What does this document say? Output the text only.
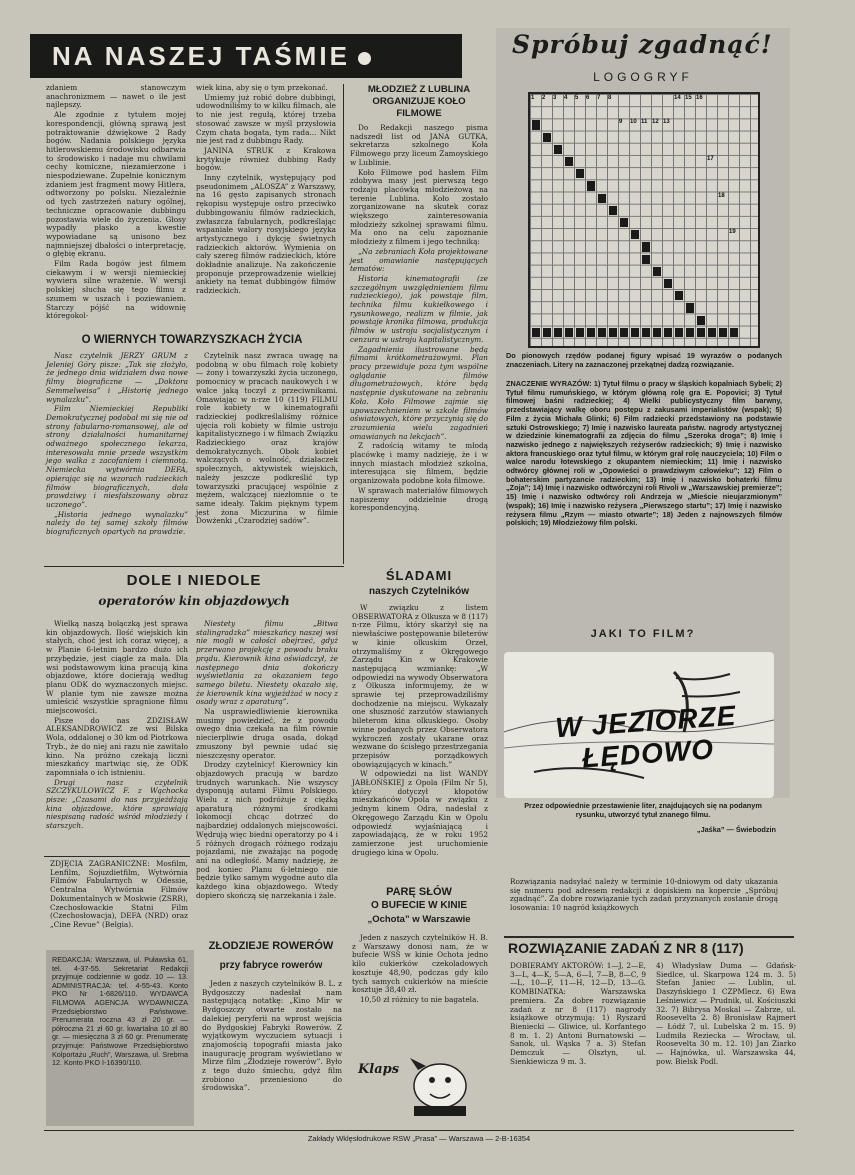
NA NASZEJ TAŚMIE

zdaniem stanowczym anachronizmem — nawet o ile jest najlepszy.

Ale zgodnie z tytułem mojej korespondencji, główną sprawą jest potraktowanie dźwiękowe 2 Rady bogów. Nadania polskiego języka hitlerowskiemu środowisku odbarwia to środowisko i nadaje mu chwilami cechy komiczne, niezamierzone i niespodziewane. Zupełnie konicznym zdaniem jest fragment mowy Hitlera, odtworzony po polsku. Niezależnie od tych zastrzeżeń natury ogólnej, techniczne opracowanie dubbingu pozostawia wiele do życzenia. Głosy wypadły płasko a kwestie wypowiadane są unisono bez najmniejszej dbałości o interpretację, o głębię ekranu.

Film Rada bogów jest filmem ciekawym i w wersji niemieckiej wywiera silne wrażenie. W wersji polskiej słucha się tego filmu z szumem w uszach i poziewaniem. Starczy pójść na widownię któregokol-

wiek kina, aby się o tym przekonać.

Umiemy już robić dobre dubbingi, udowodniliśmy to w kilku filmach, ale to nie jest regułą, której trzeba stosować zawsze w myśl przysłowia Czym chata bogata, tym rada... Nikt nie jest rad z dubbingu Rady.

JANINA STRUK z Krakowa krytykuje również dubbing Rady bogów.

Inny czytelnik, występujący pod pseudonimem „ALOSZA” z Warszawy, na 16 gęsto zapisanych stronach rękopisu występuje ostro przeciwko dubbingowaniu filmów radzieckich, zwłaszcza fabularnych, podkreślając wspaniałe walory rosyjskiego języka artystycznego i dykcję świetnych radzieckich aktorów. Wymienia on cały szereg filmów radzieckich, które dokładnie analizuje. Na zakończenie proponuje przeprowadzenie wielkiej ankiety na temat dubbingów filmów radzieckich.

MŁODZIEŻ Z LUBLINA ORGANIZUJE KOŁO FILMOWE

Do Redakcji naszego pisma nadszedł list od JANA GUTKA, sekretarza szkolnego Koła Filmowego przy liceum Zamoyskiego w Lublinie.

Koło Filmowe pod hasłem Film zdobywa masy jest pierwszą tego rodzaju placówką młodzieżową na terenie Lublina. Koło zostało zorganizowane na skutek coraz większego zainteresowania młodzieży szkolnej sprawami filmu. Ma ono na celu zapoznanie młodzieży z filmem i jego techniką:

„Na zebraniach Koła projektowane jest omawianie następujących tematów:

Historia kinematografii (ze szczególnym uwzględnieniem filmu radzieckiego), jak powstaje film, technika filmu kukiełkowego i rysunkowego, realizm w filmie, jak powstaje kronika filmowa, produkcja filmów w ustroju socjalistycznym i cenzura w ustroju kapitalistycznym.

Zagadnienia ilustrowane będą filmami krótkometrażowymi. Plan pracy przewiduje poza tym wspólne oglądanie filmów długometrażowych, które będą następnie dyskutowane na zebraniu Koła. Koło Filmowe zajmie się upowszechnieniem w szkole filmów oświatowych, które przyczynią się do zrozumienia wielu zagadnień omawianych na lekcjach”.

Z radością witamy te młodą placówkę i mamy nadzieję, że i w innych miastach młodzież szkolna, interesująca się filmem, będzie organizowała podobne koła filmowe.

W sprawach materiałów filmowych napiszemy oddzielnie drogą korespondencyjną.

O WIERNYCH TOWARZYSZKACH ŻYCIA

Nasz czytelnik JERZY GRUM z Jeleniej Góry pisze: „Tak się złożyło, że jednego dnia widziałem dwa nowe filmy biograficzne — „Doktora Semmelweisa” i „Historię jednego wynalazku”.

Film Niemieckiej Republiki Demokratycznej podobał mi się nie od strony fabularno-romansowej, ale od strony działalności humanitarnej odważnego społecznego lekarza, interesowała mnie przede wszystkim jego walka z zacofaniem i ciemnotą. Niemiecka wytwórnia DEFA, opierając się na wzorach radzieckich filmów biograficznych, dała prawdziwy i niesfałszowany obraz uczonego”.

„Historia jednego wynalazku” należy do tej samej szkoły filmów biograficznych opartych na prawdzie.

Czytelnik nasz zwraca uwagę na podobną w obu filmach rolę kobiety — żony i towarzyszki życia uczonego, pomocnicy w pracach naukowych i w walce jaką toczył z przeciwnikami. Omawiając w n-rze 10 (119) FILMU role kobiety w kinematografii radzieckiej podkreślaliśmy różnice ujęcia roli kobiety w filmie ustroju kapitalistycznego i w filmach Związku Radzieckiego oraz krajów demokratycznych. Obok kobiet walczących o wolność, działaczek społecznych, aktywistek wiejskich, należy jeszcze podkreślić typ towarzyszki pracującej wspólnie z mężem, walczącej niezłomnie o te same ideały. Takim pięknym typem jest żona Miczurina w filmie Dowżenki „Czarodziej sadów”.

DOLE I NIEDOLE
operatorów kin objazdowych

Wielką naszą bolączką jest sprawa kin objazdowych. Ilość wiejskich kin stałych, choć jest ich coraz więcej, a w Planie 6-letnim bardzo dużo ich przybędzie, jest ciągle za mała. Dla wsi podstawowym kina pracują kina objazdowe, które docierają według planu ODK do wyznaczonych miejsc. W planie tym nie zawsze można umieścić wszystkie spragnione filmu miejscowości.

Pisze do nas ZDZISŁAW ALEKSANDROWICZ ze wsi Bilska Wola, oddalonej o 30 km od Piotrkowa Tryb., że do niej ani razu nie zawitało kino. Na próżno czekają liczni mieszkańcy martwiąc się, że ODK zapomniała o ich istnieniu.

Drugi nasz czytelnik SZCZYKULOWICZ F. z Wąchocka pisze: „Czasami do nas przyjeżdżają kina objazdowe, które sprawiają niespisaną radość wśród młodzieży i starszych.

Niestety filmu „Bitwa stalingradzka” mieszkańcy naszej wsi nie mogli w całości obejrzeć, gdyż przerwano projekcję z powodu braku prądu. Kierownik kina oświadczył, że następnego dnia dokończy wyświetlania za okazaniem tego samego biletu. Niestety okazało się, że kierownik kina wyjeżdżać w nocy z osady wraz z aparaturą”.

Na usprawiedliwienie kierownika musimy powiedzieć, że z powodu owego dnia czekała na film równie niecierpliwie druga osada, dokąd zmuszony był pewnie udać się nieszczęsny operator.

Drodzy czytelnicy! Kierownicy kin objazdowych pracują w bardzo trudnych warunkach. Nie wszyscy dysponują autami Filmu Polskiego. Wielu z nich podróżuje z ciężką aparaturą różnymi środkami lokomocji chcąc dotrzeć do najbardziej oddalonych miejscowości. Wędrują więc biedni operatorzy po 4 i 5 różnych drogach różnego rodzaju pojazdami, nie zważając na pogodę ani na odległość. Mamy nadzieję, że pod koniec Planu 6-letniego nie będzie tylko samym wygodne auto dla każdego kina objazdowego. Wtedy dopiero skończą się narzekania i żale.

ZDJĘCIA ZAGRANICZNE: Mosfilm, Lenfilm, Sojuzdietfilm, Wytwórnia Filmów Fabularnych w Odessie, Centralna Wytwórnia Filmów Dokumentalnych w Moskwie (ZSRR), Czechosłowackie Statni Film (Czechosłowacja), DEFA (NRD) oraz „Cine Revue” (Belgia).
REDAKCJA: Warszawa, ul. Puławska 61, tel. 4-37-55. Sekretariat Redakcji przyjmuje codziennie w godz. 10 — 13. ADMINISTRACJA: tel. 4-55-43. Konto PKO Nr 1-6826/110. WYDAWCA FILMOWA AGENCJA WYDAWNICZA Przedsiębiorstwo Państwowe. Prenumerata roczna 43 zł 20 gr. — półroczna 21 zł 60 gr. kwartalna 10 zł 80 gr. — miesięczna 3 zł 60 gr. Prenumeratę przyjmuje: Państwowe Przedsiębiorstwo Kolportażu „Ruch”, Warszawa, ul. Srebrna 12. Konto PKO I-16390/110.
ZŁODZIEJE ROWERÓW
przy fabryce rowerów

Jeden z naszych czytelników B. L. z Bydgoszczy nadesłał nam następującą notatkę: „Kino Mir w Bydgoszczy otwarte zostało na dalekiej peryferii na wprost wejścia do Bydgoskiej Fabryki Rowerów. Z wyjątkowym wyczuciem sytuacji i znajomością topografii miasta jako inaugurację program wyświetlano w Mirze film „Złodzieje rowerów”. Było z tego dużo śmiechu, gdyż film zrobiono przeniesiono do środowiska”.

ŚLADAMI
naszych Czytelników

W związku z listem OBSERWATORA z Olkusza w 8 (117) n-rze Filmu, który skarżył się na niewłaściwe postępowanie bileterów w kinie olkuskim Orzeł, otrzymaliśmy z Okręgowego Zarządu Kin w Krakowie następującą wzmiankę: „W odpowiedzi na wywody Obserwatora z Olkusza informujemy, że w sprawie tej przeprowadziliśmy dochodzenie na miejscu. Wykazały one słuszność zarzutów stawianych bileterom kina olkuskiego. Osoby winne podanych przez Obserwatora wykroczeń zostały ukarane oraz wezwane do ścisłego przestrzegania przepisów porządkowych obowiązujących w kinach.”

W odpowiedzi na list WANDY JABŁOŃSKIEJ z Opola (Film Nr 5), który dotyczył kłopotów mieszkańców Opola w związku z jednym kinem Odra, nadesłał z Okręgowego Zarządu Kin w Opolu odpowiedź wyjaśniającą i zapowiadającą, że w roku 1952 zamierzone jest uruchomienie drugiego kina w Opolu.

PARĘ SŁÓW
O BUFECIE W KINIE
„Ochota” w Warszawie

Jeden z naszych czytelników H. B. z Warszawy donosi nam, że w bufecie WSS w kinie Ochota jedno kilo cukierków czekoladowych kosztuje 48,90, podczas gdy kilo tych samych cukierków na mieście kosztuje 38,40 zł.

10,50 zł różnicy to nie bagatela.

Klaps
Spróbuj zgadnąć!
LOGOGRYF
1 2 3 4 5 6 7 8
9 10 11 12 13
14 15 16
17
18
19
Do pionowych rzędów podanej figury wpisać 19 wyrazów o podanych znaczeniach. Litery na zaznaczonej przekątnej dadzą rozwiązanie.
ZNACZENIE WYRAZÓW: 1) Tytuł filmu o pracy w śląskich kopalniach Sybeli; 2) Tytuł filmu rumuńskiego, w którym główną rolę gra E. Popovici; 3) Tytuł filmowej baśni radzieckiej; 4) Wielki publicystyczny film barwny, przedstawiający walkę oboru postępu z zakusami imperialistów (wspak); 5) Film z życia Michała Glinki; 6) Film radziecki przedstawiony na podstawie sztuki Ostrowskiego; 7) Imię i nazwisko laureata państw. nagrody artystycznej w dziedzinie kinematografii za zdjęcia do filmu „Szeroka droga”; 8) Imię i nazwisko jednego z największych reżyserów radzieckich; 9) Imię i nazwisko aktora francuskiego oraz tytuł filmu, w którym grał rolę nauczyciela; 10) Film o walce narodu łotewskiego z okupantem niemieckim; 11) Imię i nazwisko odtwórcy głównej roli w „Opowieści o prawdziwym człowieku”; 12) Film o bohaterskim partyzancie radzieckim; 13) Imię i nazwisko bohaterki filmu „Zoja”; 14) Imię i nazwisko odtwórczyni roli Rivoli w „Warszawskiej premierze”; 15) Imię i nazwisko odtwórcy roli Andrzeja w „Mieście nieujarzmionym” (wspak); 16) Imię i nazwisko reżysera „Pierwszego startu”; 17) Imię i nazwisko reżysera filmu „Rzym — miasto otwarte”; 18) Jeden z najnowszych filmów polskich; 19) Młodzieżowy film polski.
JAKI TO FILM?
W JEZIORZE ŁĘDOWO
Przez odpowiednie przestawienie liter, znajdujących się na podanym rysunku, utworzyć tytuł znanego filmu.
„Jaśka” — Świebodzin
Rozwiązania nadsyłać należy w terminie 10-dniowym od daty ukazania się numeru pod adresem redakcji z dopiskiem na kopercie „Spróbuj zgadnąć”. Za dobre rozwiązanie tych zadań przyznanych zostanie drogą losowania: 10 nagród książkowych
ROZWIĄZANIE ZADAŃ Z NR 8 (117)
DOBIERAMY AKTORÓW: 1—J, 2—E, 3—L, 4—K, 5—A, 6—I, 7—B, 8—C, 9—L, 10—F, 11—H, 12—D, 13—G. KOMBINATKA: Warszawska premiera. Za dobre rozwiązanie zadań z nr 8 (117) nagrody książkowe otrzymują: 1) Ryszard Bieniecki — Gliwice, ul. Korfantego 8 m. 1. 2) Antoni Burnatowski — Sanok, ul. Wąska 7 a. 3) Stefan Demczuk — Olsztyn, ul. Sienkiewicza 9 m. 3.
4) Władysław Duma — Gdańsk-Siedlce, ul. Skarpowa 124 m. 3. 5) Stefan Janiec — Lublin, ul. Daszyńskiego 1 CZPMlecz. 6) Ewa Leśniewicz — Prudnik, ul. Kościuszki 32. 7) Bibrysa Moskal — Zabrze, ul. Roosevelta 2. 8) Bronisław Rajmert — Łódź 7, ul. Lubelska 2 m. 15. 9) Ludmiła Reziecka — Wrocław, ul. Roosevelta 30 m. 12. 10) Jan Ziarko — Hajnówka, ul. Warszawska 44, pow. Bielsk Podl.
Zakłady Wklęsłodrukowe RSW „Prasa” — Warszawa — 2-B-16354
